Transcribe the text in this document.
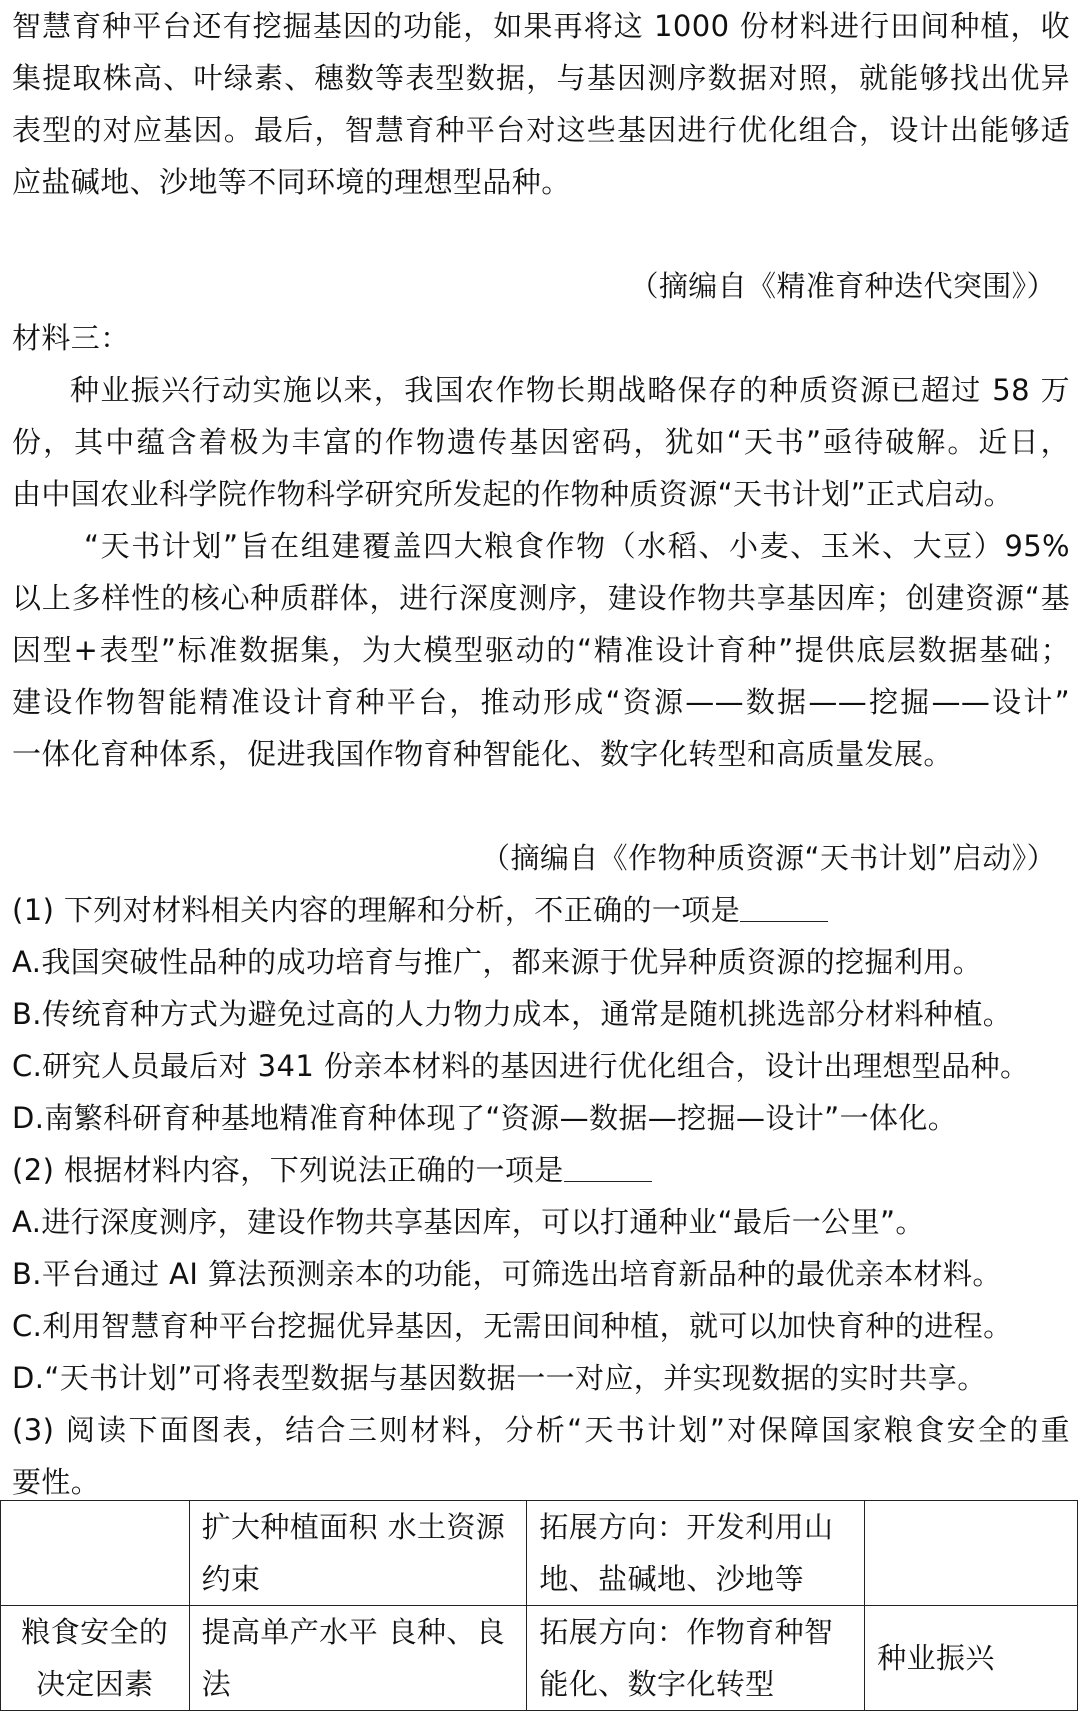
智慧育种平台还有挖掘基因的功能，如果再将这 1000 份材料进行田间种植，收
集提取株高、叶绿素、穗数等表型数据，与基因测序数据对照，就能够找出优异
表型的对应基因。最后，智慧育种平台对这些基因进行优化组合，设计出能够适
应盐碱地、沙地等不同环境的理想型品种。
（摘编自《精准育种迭代突围》）
材料三：
种业振兴行动实施以来，我国农作物长期战略保存的种质资源已超过 58 万
份，其中蕴含着极为丰富的作物遗传基因密码，犹如“天书”亟待破解。近日，
由中国农业科学院作物科学研究所发起的作物种质资源“天书计划”正式启动。
“天书计划”旨在组建覆盖四大粮食作物（水稻、小麦、玉米、大豆）95%
以上多样性的核心种质群体，进行深度测序，建设作物共享基因库；创建资源“基
因型+表型”标准数据集，为大模型驱动的“精准设计育种”提供底层数据基础；
建设作物智能精准设计育种平台，推动形成“资源——数据——挖掘——设计”
一体化育种体系，促进我国作物育种智能化、数字化转型和高质量发展。
（摘编自《作物种质资源“天书计划”启动》）
(1) 下列对材料相关内容的理解和分析，不正确的一项是
A.我国突破性品种的成功培育与推广，都来源于优异种质资源的挖掘利用。
B.传统育种方式为避免过高的人力物力成本，通常是随机挑选部分材料种植。
C.研究人员最后对 341 份亲本材料的基因进行优化组合，设计出理想型品种。
D.南繁科研育种基地精准育种体现了“资源—数据—挖掘—设计”一体化。
(2) 根据材料内容，下列说法正确的一项是
A.进行深度测序，建设作物共享基因库，可以打通种业“最后一公里”。
B.平台通过 AI 算法预测亲本的功能，可筛选出培育新品种的最优亲本材料。
C.利用智慧育种平台挖掘优异基因，无需田间种植，就可以加快育种的进程。
D.“天书计划”可将表型数据与基因数据一一对应，并实现数据的实时共享。
(3) 阅读下面图表，结合三则材料，分析“天书计划”对保障国家粮食安全的重
要性。
	扩大种植面积 水土资源约束	拓展方向：开发利用山地、盐碱地、沙地等	
粮食安全的决定因素	提高单产水平 良种、良法	拓展方向：作物育种智能化、数字化转型	种业振兴
